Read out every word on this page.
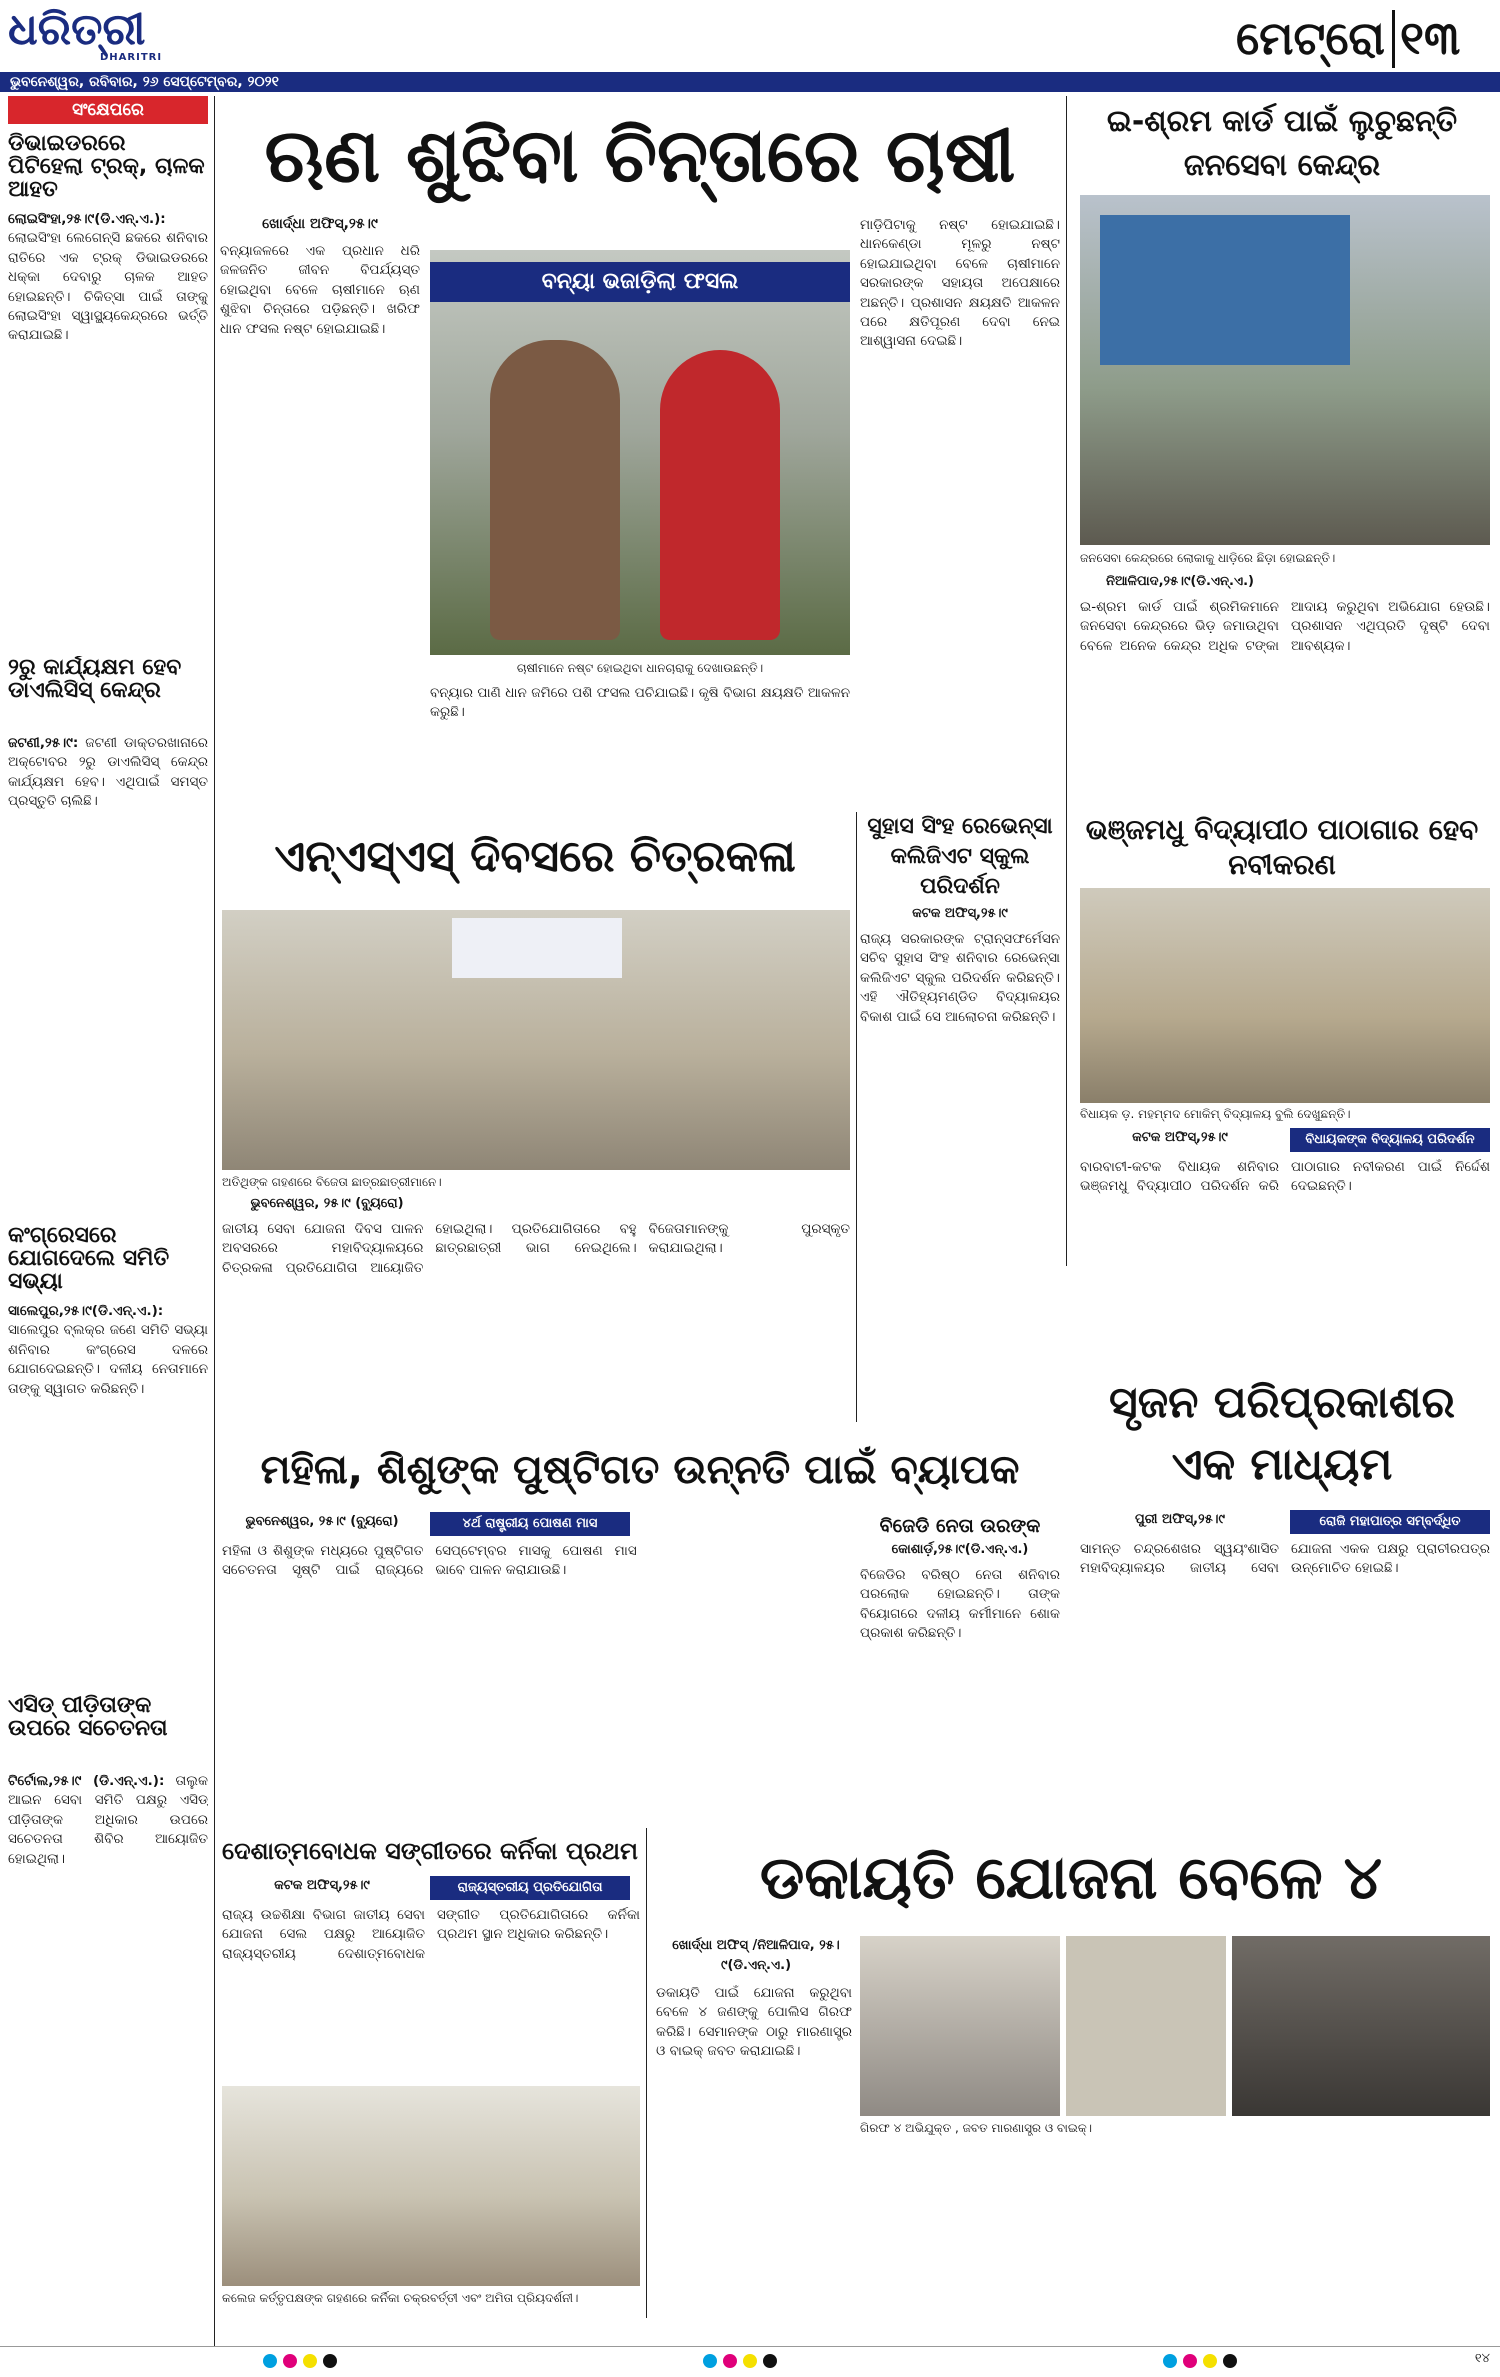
ଧରିତ୍ରୀ
DHARITRI	ମେଟ୍ରୋ ୧୩
ଭୁବନେଶ୍ୱର, ରବିବାର, ୨୬ ସେପ୍ଟେମ୍ବର, ୨୦୨୧
ସଂକ୍ଷେପରେ
ଡିଭାଇଡରରେ ପିଟିହେଲା ଟ୍ରକ୍, ଚାଳକ ଆହତ
ଲୋଇସିଂହା,୨୫।୯(ଡି.ଏନ୍.ଏ.): ଲୋଇସିଂହା ଲେଗେନ୍ସି ଛକରେ ଶନିବାର ରାତିରେ ଏକ ଟ୍ରକ୍ ଡିଭାଇଡରରେ ଧକ୍କା ଦେବାରୁ ଚାଳକ ଆହତ ହୋଇଛନ୍ତି। ଚିକିତ୍ସା ପାଇଁ ତାଙ୍କୁ ଲୋଇସିଂହା ସ୍ୱାସ୍ଥ୍ୟକେନ୍ଦ୍ରରେ ଭର୍ତ୍ତି କରାଯାଇଛି।
୨ରୁ କାର୍ଯ୍ୟକ୍ଷମ ହେବ ଡାଏଲିସିସ୍ କେନ୍ଦ୍ର
ଜଟଣୀ,୨୫।୯: ଜଟଣୀ ଡାକ୍ତରଖାନାରେ ଅକ୍ଟୋବର ୨ରୁ ଡାଏଲିସିସ୍ କେନ୍ଦ୍ର କାର୍ଯ୍ୟକ୍ଷମ ହେବ। ଏଥିପାଇଁ ସମସ୍ତ ପ୍ରସ୍ତୁତି ଚାଲିଛି।
କଂଗ୍ରେସରେ ଯୋଗଦେଲେ ସମିତି ସଭ୍ୟା
ସାଲେପୁର,୨୫।୯(ଡି.ଏନ୍.ଏ.): ସାଲେପୁର ବ୍ଲକ୍ର ଜଣେ ସମିତି ସଭ୍ୟା ଶନିବାର କଂଗ୍ରେସ ଦଳରେ ଯୋଗଦେଇଛନ୍ତି। ଦଳୀୟ ନେତାମାନେ ତାଙ୍କୁ ସ୍ୱାଗତ କରିଛନ୍ତି।
ଏସିଡ୍ ପୀଡ଼ିତାଙ୍କ ଉପରେ ସଚେତନତା
ଟିର୍ଟୋଲ,୨୫।୯ (ଡି.ଏନ୍.ଏ.): ତାଲୁକ ଆଇନ ସେବା ସମିତି ପକ୍ଷରୁ ଏସିଡ୍ ପୀଡ଼ିତାଙ୍କ ଅଧିକାର ଉପରେ ସଚେତନତା ଶିବିର ଆୟୋଜିତ ହୋଇଥିଲା।
ଋଣ ଶୁଝିବା ଚିନ୍ତାରେ ଚାଷୀ
ଖୋର୍ଦ୍ଧା ଅଫିସ୍,୨୫।୯
ବନ୍ୟା ଭଜାଡ଼ିଲା ଫସଲ
ଚାଷୀମାନେ ନଷ୍ଟ ହୋଇଥିବା ଧାନଚାରାକୁ ଦେଖାଉଛନ୍ତି।
ବନ୍ୟାଜଳରେ ଏକ ପ୍ରଧାନ ଧରି ଜଳଜନିତ ଜୀବନ ବିପର୍ଯ୍ୟସ୍ତ ହୋଇଥିବା ବେଳେ ଚାଷୀମାନେ ଋଣ ଶୁଝିବା ଚିନ୍ତାରେ ପଡ଼ିଛନ୍ତି। ଖରିଫ ଧାନ ଫସଲ ନଷ୍ଟ ହୋଇଯାଇଛି।
ବନ୍ୟାର ପାଣି ଧାନ ଜମିରେ ପଶି ଫସଲ ପଚିଯାଇଛି। କୃଷି ବିଭାଗ କ୍ଷୟକ୍ଷତି ଆକଳନ କରୁଛି।
ମାଡ଼ିପିଟାକୁ ନଷ୍ଟ ହୋଇଯାଇଛି। ଧାନକେଣ୍ଡା ମୂଳରୁ ନଷ୍ଟ ହୋଇଯାଇଥିବା ବେଳେ ଚାଷୀମାନେ ସରକାରଙ୍କ ସହାୟତା ଅପେକ୍ଷାରେ ଅଛନ୍ତି। ପ୍ରଶାସନ କ୍ଷୟକ୍ଷତି ଆକଳନ ପରେ କ୍ଷତିପୂରଣ ଦେବା ନେଇ ଆଶ୍ୱାସନା ଦେଇଛି।
ଇ-ଶ୍ରମ କାର୍ଡ ପାଇଁ ଲୁଚୁଛନ୍ତି ଜନସେବା କେନ୍ଦ୍ର
ଜନସେବା କେନ୍ଦ୍ରରେ ଲୋକାକୁ ଧାଡ଼ିରେ ଛିଡ଼ା ହୋଇଛନ୍ତି।
ନିଆଳିପାଦ,୨୫।୯(ଡି.ଏନ୍.ଏ.)
ଇ-ଶ୍ରମ କାର୍ଡ ପାଇଁ ଶ୍ରମିକମାନେ ଜନସେବା କେନ୍ଦ୍ରରେ ଭିଡ଼ ଜମାଉଥିବା ବେଳେ ଅନେକ କେନ୍ଦ୍ର ଅଧିକ ଟଙ୍କା ଆଦାୟ କରୁଥିବା ଅଭିଯୋଗ ହେଉଛି। ପ୍ରଶାସନ ଏଥିପ୍ରତି ଦୃଷ୍ଟି ଦେବା ଆବଶ୍ୟକ।
ଏନ୍‌ଏସ୍‌ଏସ୍ ଦିବସରେ ଚିତ୍ରକଳା
ଅତିଥିଙ୍କ ଗହଣରେ ବିଜେତା ଛାତ୍ରଛାତ୍ରୀମାନେ।
ଭୁବନେଶ୍ୱର, ୨୫।୯ (ବ୍ୟୁରୋ)
ଜାତୀୟ ସେବା ଯୋଜନା ଦିବସ ପାଳନ ଅବସରରେ ମହାବିଦ୍ୟାଳୟରେ ଚିତ୍ରକଳା ପ୍ରତିଯୋଗିତା ଆୟୋଜିତ ହୋଇଥିଲା। ପ୍ରତିଯୋଗିତାରେ ବହୁ ଛାତ୍ରଛାତ୍ରୀ ଭାଗ ନେଇଥିଲେ। ବିଜେତାମାନଙ୍କୁ ପୁରସ୍କୃତ କରାଯାଇଥିଲା।
ସୁହାସ ସିଂହ ରେଭେନ୍ସା କଲିଜିଏଟ ସ୍କୁଲ ପରିଦର୍ଶନ
କଟକ ଅଫିସ୍,୨୫।୯
ରାଜ୍ୟ ସରକାରଙ୍କ ଟ୍ରାନ୍ସଫର୍ମେସନ ସଚିବ ସୁହାସ ସିଂହ ଶନିବାର ରେଭେନ୍ସା କଲିଜିଏଟ ସ୍କୁଲ ପରିଦର୍ଶନ କରିଛନ୍ତି। ଏହି ଐତିହ୍ୟମଣ୍ଡିତ ବିଦ୍ୟାଳୟର ବିକାଶ ପାଇଁ ସେ ଆଲୋଚନା କରିଛନ୍ତି।
ଭଞ୍ଜମଧୁ ବିଦ୍ୟାପୀଠ ପାଠାଗାର ହେବ ନବୀକରଣ
ବିଧାୟକ ଡ଼. ମହମ୍ମଦ ମୋକିମ୍ ବିଦ୍ୟାଳୟ ବୁଲି ଦେଖୁଛନ୍ତି।
କଟକ ଅଫିସ୍,୨୫।୯	ବିଧାୟକଙ୍କ ବିଦ୍ୟାଳୟ ପରିଦର୍ଶନ
ବାରବାଟୀ-କଟକ ବିଧାୟକ ଶନିବାର ଭଞ୍ଜମଧୁ ବିଦ୍ୟାପୀଠ ପରିଦର୍ଶନ କରି ପାଠାଗାର ନବୀକରଣ ପାଇଁ ନିର୍ଦ୍ଦେଶ ଦେଇଛନ୍ତି।
ସୃଜନ ପରିପ୍ରକାଶର ଏକ ମାଧ୍ୟମ
ପୁରୀ ଅଫିସ୍,୨୫।୯	ରୋଜି ମହାପାତ୍ର ସମ୍ବର୍ଦ୍ଧିତ
ସାମନ୍ତ ଚନ୍ଦ୍ରଶେଖର ସ୍ୱୟଂଶାସିତ ମହାବିଦ୍ୟାଳୟର ଜାତୀୟ ସେବା ଯୋଜନା ଏକକ ପକ୍ଷରୁ ପ୍ରାଚୀରପତ୍ର ଉନ୍ମୋଚିତ ହୋଇଛି।
ମହିଳା, ଶିଶୁଙ୍କ ପୁଷ୍ଟିଗତ ଉନ୍ନତି ପାଇଁ ବ୍ୟାପକ
ଭୁବନେଶ୍ୱର, ୨୫।୯ (ବ୍ୟୁରୋ)	୪ର୍ଥ ରାଷ୍ଟ୍ରୀୟ ପୋଷଣ ମାସ
ମହିଳା ଓ ଶିଶୁଙ୍କ ମଧ୍ୟରେ ପୁଷ୍ଟିଗତ ସଚେତନତା ସୃଷ୍ଟି ପାଇଁ ରାଜ୍ୟରେ ସେପ୍ଟେମ୍ବର ମାସକୁ ପୋଷଣ ମାସ ଭାବେ ପାଳନ କରାଯାଉଛି।
ବିଜେଡି ନେତା ଉରଙ୍କ
କୋଶାର୍ଡ଼,୨୫।୯(ଡି.ଏନ୍.ଏ.)
ବିଜେଡିର ବରିଷ୍ଠ ନେତା ଶନିବାର ପରଲୋକ ହୋଇଛନ୍ତି। ତାଙ୍କ ବିୟୋଗରେ ଦଳୀୟ କର୍ମୀମାନେ ଶୋକ ପ୍ରକାଶ କରିଛନ୍ତି।
ଦେଶାତ୍ମବୋଧକ ସଙ୍ଗୀତରେ କର୍ନିକା ପ୍ରଥମ
କଟକ ଅଫିସ୍,୨୫।୯	ରାଜ୍ୟସ୍ତରୀୟ ପ୍ରତିଯୋଗିତା
ରାଜ୍ୟ ଉଚ୍ଚଶିକ୍ଷା ବିଭାଗ ଜାତୀୟ ସେବା ଯୋଜନା ସେଲ ପକ୍ଷରୁ ଆୟୋଜିତ ରାଜ୍ୟସ୍ତରୀୟ ଦେଶାତ୍ମବୋଧକ ସଙ୍ଗୀତ ପ୍ରତିଯୋଗିତାରେ କର୍ନିକା ପ୍ରଥମ ସ୍ଥାନ ଅଧିକାର କରିଛନ୍ତି।
କଲେଜ କର୍ତ୍ତୃପକ୍ଷଙ୍କ ଗହଣରେ କର୍ନିକା ଚକ୍ରବର୍ତ୍ତୀ ଏବଂ ଅମିତା ପ୍ରିୟଦର୍ଶନୀ।
ଡକାୟତି ଯୋଜନା ବେଳେ ୪
ଖୋର୍ଦ୍ଧା ଅଫିସ୍ /ନିଆଳିପାଦ, ୨୫।୯(ଡି.ଏନ୍.ଏ.)
ଗିରଫ ୪ ଅଭିଯୁକ୍ତ , ଜବତ ମାରଣାସ୍ତ୍ର ଓ ବାଇକ୍।
ଡକାୟତି ପାଇଁ ଯୋଜନା କରୁଥିବା ବେଳେ ୪ ଜଣଙ୍କୁ ପୋଲିସ ଗିରଫ କରିଛି। ସେମାନଙ୍କ ଠାରୁ ମାରଣାସ୍ତ୍ର ଓ ବାଇକ୍ ଜବତ କରାଯାଇଛି।
୧୪
